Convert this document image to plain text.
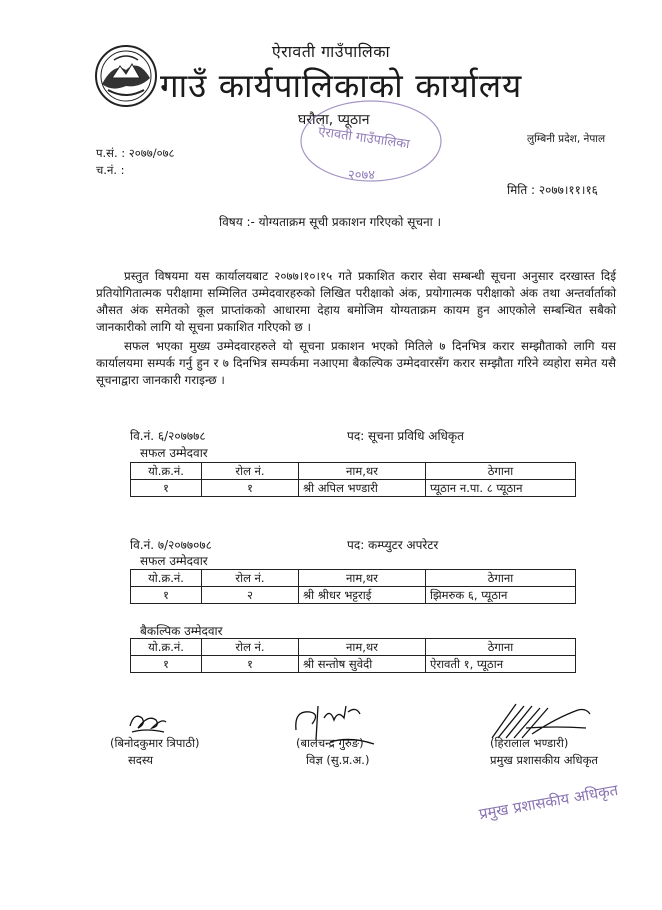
ऐरावती गाउँपालिका
गाउँ कार्यपालिकाको कार्यालय
घरौला, प्यूठान
लुम्बिनी प्रदेश, नेपाल
ऐरावती गाउँपालिका
२०७४
प.सं. : २०७७/०७८
च.नं. :
मिति : २०७७।११।१६
विषय :- योग्यताक्रम सूची प्रकाशन गरिएको सूचना ।

प्रस्तुत विषयमा यस कार्यालयबाट २०७७।१०।१५ गते प्रकाशित करार सेवा सम्बन्धी सूचना अनुसार दरखास्त दिई प्रतियोगितात्मक परीक्षामा सम्मिलित उम्मेदवारहरुको लिखित परीक्षाको अंक, प्रयोगात्मक परीक्षाको अंक तथा अन्तर्वार्ताको औसत अंक समेतको कूल प्राप्तांकको आधारमा देहाय बमोजिम योग्यताक्रम कायम हुन आएकोले सम्बन्धित सबैको जानकारीको लागि यो सूचना प्रकाशित गरिएको छ ।

सफल भएका मुख्य उम्मेदवारहरुले यो सूचना प्रकाशन भएको मितिले ७ दिनभित्र करार सम्झौताको लागि यस कार्यालयमा सम्पर्क गर्नु हुन र ७ दिनभित्र सम्पर्कमा नआएमा बैकल्पिक उम्मेदवारसँग करार सम्झौता गरिने व्यहोरा समेत यसै सूचनाद्वारा जानकारी गराइन्छ ।

वि.नं. ६/२०७७७८	पद: सूचना प्रविधि अधिकृत
सफल उम्मेदवार
यो.क्र.नं.	रोल नं.	नाम,थर	ठेगाना
१	१	श्री अपिल भण्डारी	प्यूठान न.पा. ८ प्यूठान
वि.नं. ७/२०७७०७८	पद: कम्प्युटर अपरेटर
सफल उम्मेदवार
यो.क्र.नं.	रोल नं.	नाम,थर	ठेगाना
१	२	श्री श्रीधर भट्टराई	झिमरुक ६, प्यूठान
बैकल्पिक उम्मेदवार
यो.क्र.नं.	रोल नं.	नाम,थर	ठेगाना
१	१	श्री सन्तोष सुवेदी	ऐरावती १, प्यूठान
(बिनोदकुमार त्रिपाठी)
सदस्य
(बालचन्द्र गुरुङ)
विज्ञ (सु.प्र.अ.)
(हिरालाल भण्डारी)
प्रमुख प्रशासकीय अधिकृत
प्रमुख प्रशासकीय अधिकृत
